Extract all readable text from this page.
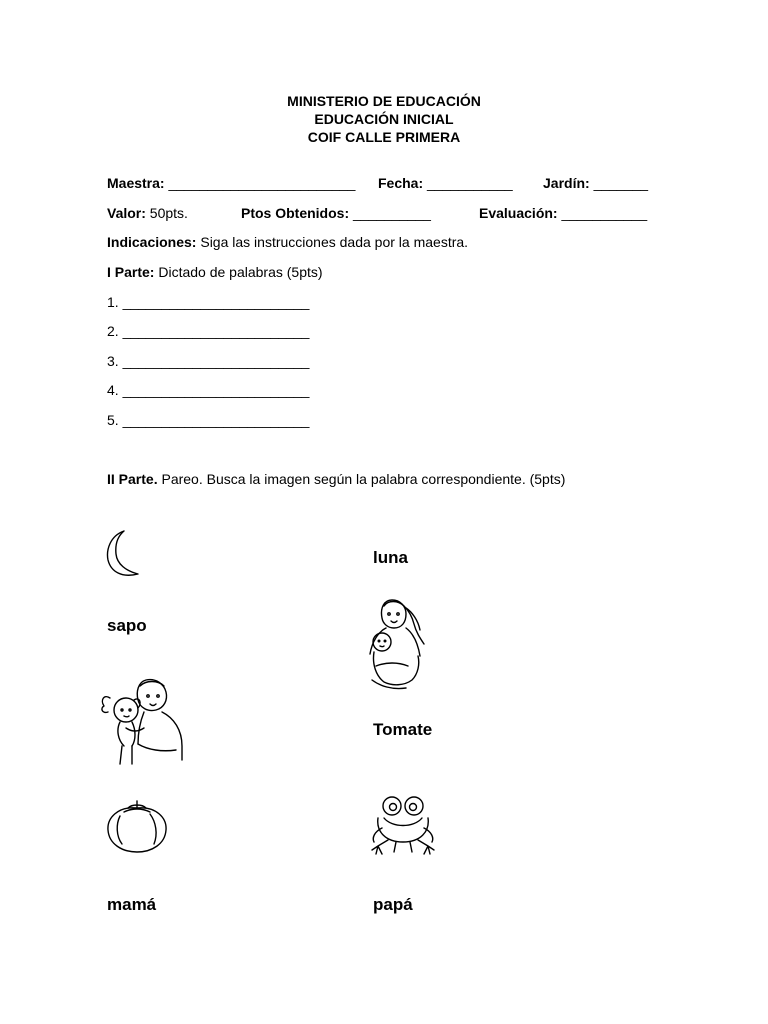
MINISTERIO DE EDUCACIÓN
EDUCACIÓN INICIAL
COIF CALLE PRIMERA
Maestra: ________________________ Fecha: ___________ Jardín: _______
Valor: 50pts.	Ptos Obtenidos: __________	Evaluación: ___________
Indicaciones: Siga las instrucciones dada por la maestra.
I Parte: Dictado de palabras (5pts)
1. ________________________
2. ________________________
3. ________________________
4. ________________________
5. ________________________
II Parte. Pareo. Busca la imagen según la palabra correspondiente. (5pts)
luna
sapo
Tomate
mamá	papá
